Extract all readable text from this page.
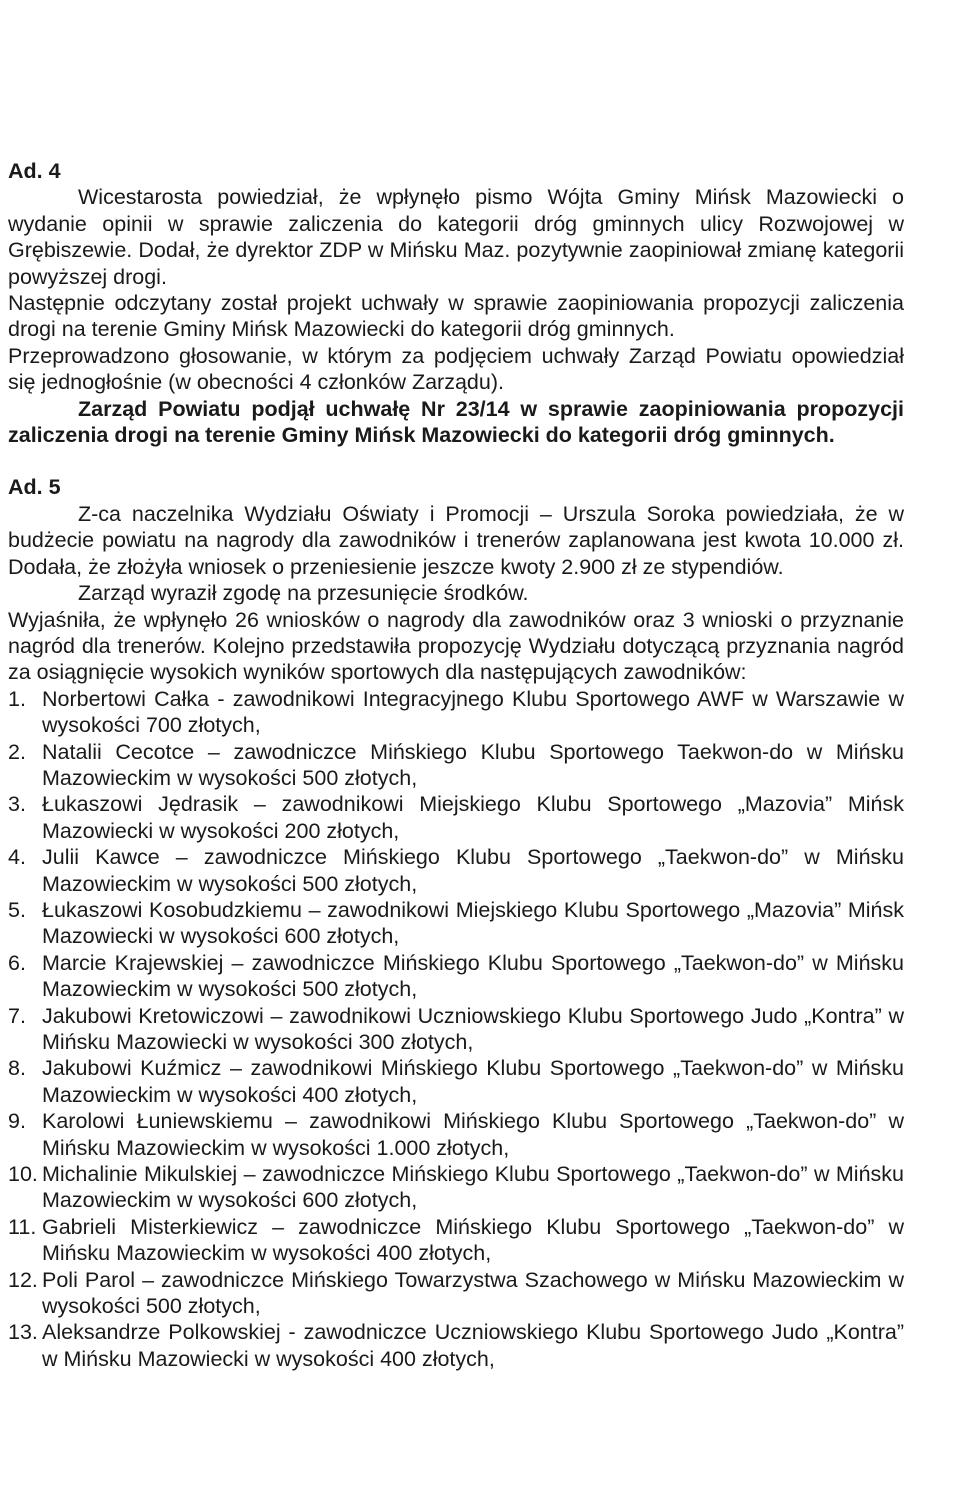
Ad. 4

Wicestarosta powiedział, że wpłynęło pismo Wójta Gminy Mińsk Mazowiecki o wydanie opinii w sprawie zaliczenia do kategorii dróg gminnych ulicy Rozwojowej w Grębiszewie. Dodał, że dyrektor ZDP w Mińsku Maz. pozytywnie zaopiniował zmianę kategorii powyższej drogi.

Następnie odczytany został projekt uchwały w sprawie zaopiniowania propozycji zaliczenia drogi na terenie Gminy Mińsk Mazowiecki do kategorii dróg gminnych.

Przeprowadzono głosowanie, w którym za podjęciem uchwały Zarząd Powiatu opowiedział się jednogłośnie (w obecności 4 członków Zarządu).

Zarząd Powiatu podjął uchwałę Nr 23/14 w sprawie zaopiniowania propozycji zaliczenia drogi na terenie Gminy Mińsk Mazowiecki do kategorii dróg gminnych.

Ad. 5

Z-ca naczelnika Wydziału Oświaty i Promocji – Urszula Soroka powiedziała, że w budżecie powiatu na nagrody dla zawodników i trenerów zaplanowana jest kwota 10.000 zł. Dodała, że złożyła wniosek o przeniesienie jeszcze kwoty 2.900 zł ze stypendiów.

Zarząd wyraził zgodę na przesunięcie środków.

Wyjaśniła, że wpłynęło 26 wniosków o nagrody dla zawodników oraz 3 wnioski o przyznanie nagród dla trenerów. Kolejno przedstawiła propozycję Wydziału dotyczącą przyznania nagród za osiągnięcie wysokich wyników sportowych dla następujących zawodników:

1. Norbertowi Całka - zawodnikowi Integracyjnego Klubu Sportowego AWF w Warszawie w wysokości 700 złotych,
2. Natalii Cecotce – zawodniczce Mińskiego Klubu Sportowego Taekwon-do w Mińsku Mazowieckim w wysokości 500 złotych,
3. Łukaszowi Jędrasik – zawodnikowi Miejskiego Klubu Sportowego „Mazovia” Mińsk Mazowiecki w wysokości 200 złotych,
4. Julii Kawce – zawodniczce Mińskiego Klubu Sportowego „Taekwon-do” w Mińsku Mazowieckim w wysokości 500 złotych,
5. Łukaszowi Kosobudzkiemu – zawodnikowi Miejskiego Klubu Sportowego „Mazovia” Mińsk Mazowiecki w wysokości 600 złotych,
6. Marcie Krajewskiej – zawodniczce Mińskiego Klubu Sportowego „Taekwon-do” w Mińsku Mazowieckim w wysokości 500 złotych,
7. Jakubowi Kretowiczowi – zawodnikowi Uczniowskiego Klubu Sportowego Judo „Kontra” w Mińsku Mazowiecki w wysokości 300 złotych,
8. Jakubowi Kuźmicz – zawodnikowi Mińskiego Klubu Sportowego „Taekwon-do” w Mińsku Mazowieckim w wysokości 400 złotych,
9. Karolowi Łuniewskiemu – zawodnikowi Mińskiego Klubu Sportowego „Taekwon-do” w Mińsku Mazowieckim w wysokości 1.000 złotych,
10. Michalinie Mikulskiej – zawodniczce Mińskiego Klubu Sportowego „Taekwon-do” w Mińsku Mazowieckim w wysokości 600 złotych,
11. Gabrieli Misterkiewicz – zawodniczce Mińskiego Klubu Sportowego „Taekwon-do” w Mińsku Mazowieckim w wysokości 400 złotych,
12. Poli Parol – zawodniczce Mińskiego Towarzystwa Szachowego w Mińsku Mazowieckim w wysokości 500 złotych,
13. Aleksandrze Polkowskiej - zawodniczce Uczniowskiego Klubu Sportowego Judo „Kontra” w Mińsku Mazowiecki w wysokości 400 złotych,
